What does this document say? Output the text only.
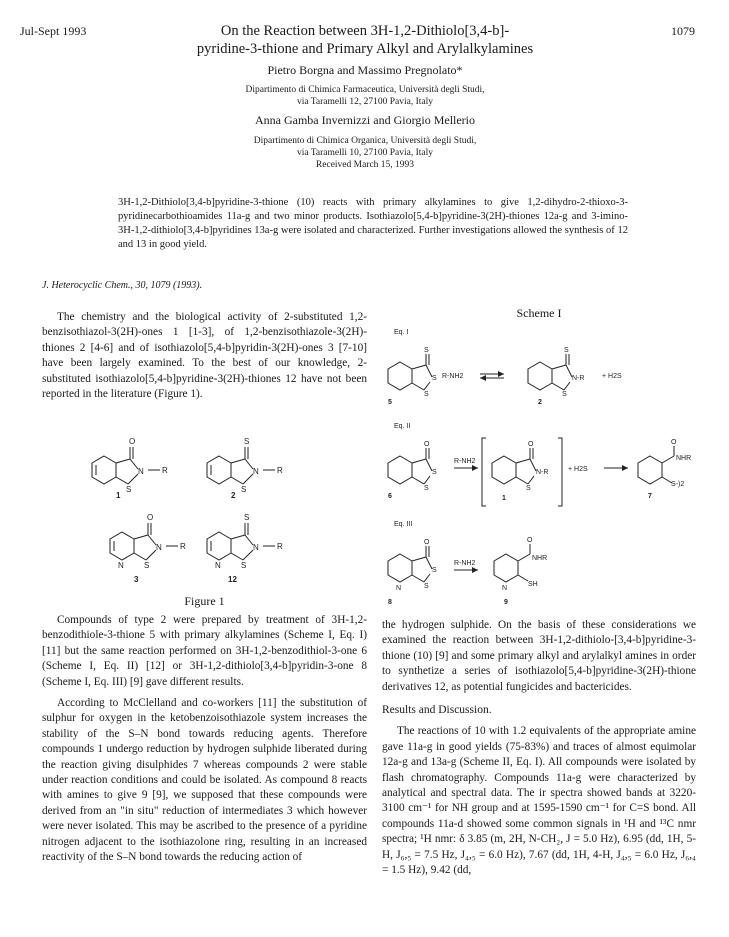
Jul-Sept 1993	1079
On the Reaction between 3H-1,2-Dithiolo[3,4-b]-
pyridine-3-thione and Primary Alkyl and Arylalkylamines
Pietro Borgna and Massimo Pregnolato*
Dipartimento di Chimica Farmaceutica, Università degli Studi,
via Taramelli 12, 27100 Pavia, Italy
Anna Gamba Invernizzi and Giorgio Mellerio
Dipartimento di Chimica Organica, Università degli Studi,
via Taramelli 10, 27100 Pavia, Italy
Received March 15, 1993
3H-1,2-Dithiolo[3,4-b]pyridine-3-thione (10) reacts with primary alkylamines to give 1,2-dihydro-2-thioxo-3-pyridinecarbothioamides 11a-g and two minor products. Isothiazolo[5,4-b]pyridine-3(2H)-thiones 12a-g and 3-imino-3H-1,2-dithiolo[3,4-b]pyridines 13a-g were isolated and characterized. Further investigations allowed the synthesis of 12 and 13 in good yield.
J. Heterocyclic Chem., 30, 1079 (1993).

The chemistry and the biological activity of 2-substituted 1,2-benzisothiazol-3(2H)-ones 1 [1-3], of 1,2-benzisothiazole-3(2H)-thiones 2 [4-6] and of isothiazolo[5,4-b]pyridin-3(2H)-ones 3 [7-10] have been largely examined. To the best of our knowledge, 2-substituted isothiazolo[5,4-b]pyridine-3(2H)-thiones 12 have not been reported in the literature (Figure 1).

O
N R
S
S
N R
S
O
N R
S
N
S
N R
S
N
1	2
3	12
Figure 1

Compounds of type 2 were prepared by treatment of 3H-1,2-benzodithiole-3-thione 5 with primary alkylamines (Scheme I, Eq. I) [11] but the same reaction performed on 3H-1,2-benzodithiol-3-one 6 (Scheme I, Eq. II) [12] or 3H-1,2-dithiolo[3,4-b]pyridin-3-one 8 (Scheme I, Eq. III) [9] gave different results.

According to McClelland and co-workers [11] the substitution of sulphur for oxygen in the ketobenzoisothiazole system increases the stability of the S–N bond towards reducing agents. Therefore compounds 1 undergo reduction by hydrogen sulphide liberated during the reaction giving disulphides 7 whereas compounds 2 were stable under reaction conditions and could be isolated. As compound 8 reacts with amines to give 9 [9], we supposed that these compounds were derived from an "in situ" reduction of intermediates 3 which however were never isolated. This may be ascribed to the presence of a pyridine nitrogen adjacent to the isothiazolone ring, resulting in an increased reactivity of the S–N bond towards the reducing action of

Scheme I
Eq. I
Eq. II
Eq. III
S
S
S
S
N-R
S
O
S
S
O
N-R
S
O
NHR
S-)2
O
S
S
N
O
NHR
SH
N
R-NH2	+ H2S
R-NH2
+ H2S
R-NH2
5	2
6	1	7
8	9

the hydrogen sulphide. On the basis of these considerations we examined the reaction between 3H-1,2-dithiolo-[3,4-b]pyridine-3-thione (10) [9] and some primary alkyl and arylalkyl amines in order to synthetize a series of isothiazolo[5,4-b]pyridine-3(2H)-thione derivatives 12, as potential fungicides and bactericides.

Results and Discussion.

The reactions of 10 with 1.2 equivalents of the appropriate amine gave 11a-g in good yields (75-83%) and traces of almost equimolar 12a-g and 13a-g (Scheme II, Eq. I). All compounds were isolated by flash chromatography. Compounds 11a-g were characterized by analytical and spectral data. The ir spectra showed bands at 3220-3100 cm⁻¹ for NH group and at 1595-1590 cm⁻¹ for C=S bond. All compounds 11a-d showed some common signals in ¹H and ¹³C nmr spectra; ¹H nmr: δ 3.85 (m, 2H, N-CH₂, J = 5.0 Hz), 6.95 (dd, 1H, 5-H, J₆,₅ = 7.5 Hz, J₄,₅ = 6.0 Hz), 7.67 (dd, 1H, 4-H, J₄,₅ = 6.0 Hz, J₆,₄ = 1.5 Hz), 9.42 (dd,
